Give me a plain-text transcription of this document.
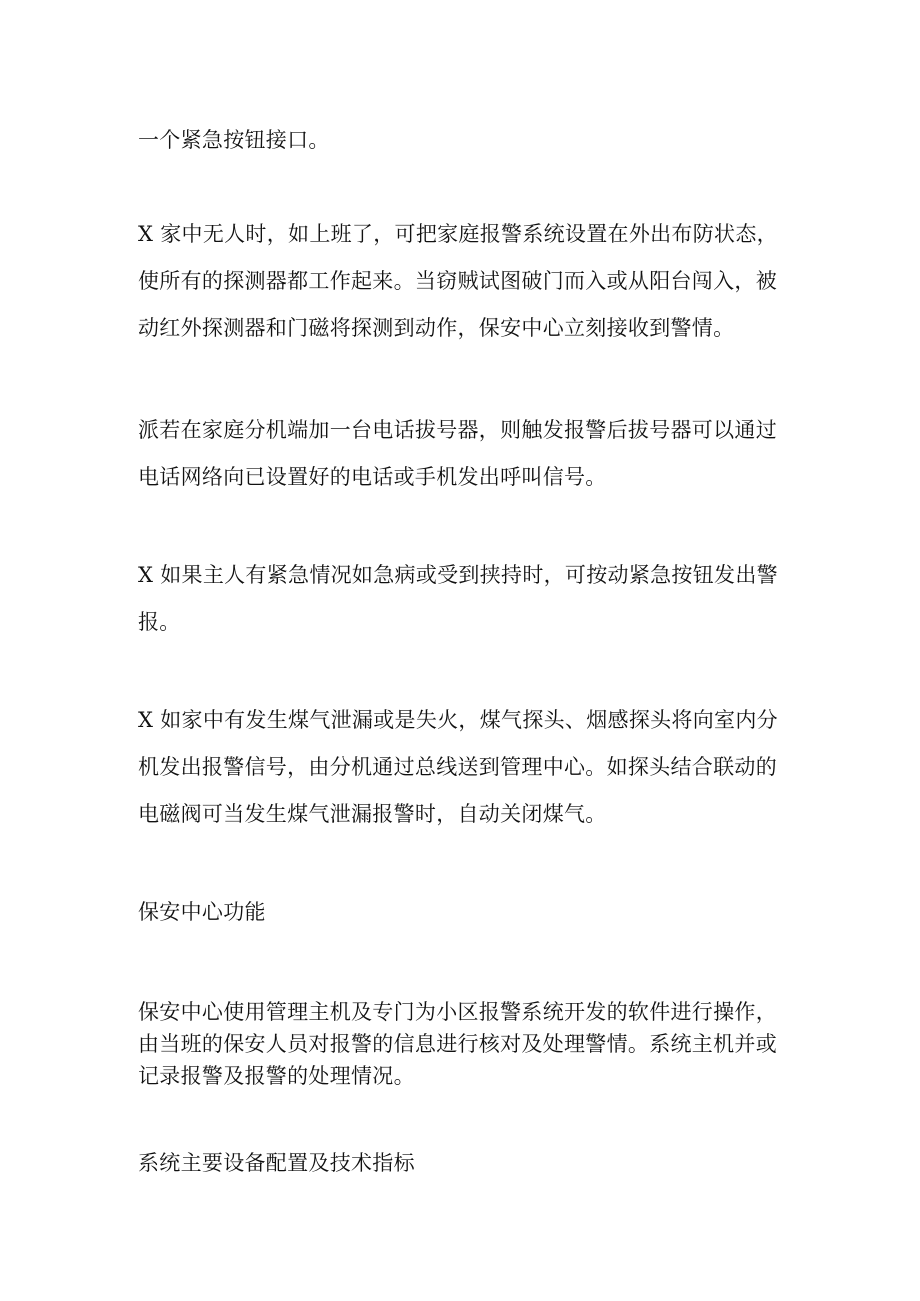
一个紧急按钮接口。

X 家中无人时，如上班了，可把家庭报警系统设置在外出布防状态，
使所有的探测器都工作起来。当窃贼试图破门而入或从阳台闯入，被
动红外探测器和门磁将探测到动作，保安中心立刻接收到警情。

派若在家庭分机端加一台电话拔号器，则触发报警后拔号器可以通过
电话网络向已设置好的电话或手机发出呼叫信号。

X 如果主人有紧急情况如急病或受到挟持时，可按动紧急按钮发出警
报。

X 如家中有发生煤气泄漏或是失火，煤气探头、烟感探头将向室内分
机发出报警信号，由分机通过总线送到管理中心。如探头结合联动的
电磁阀可当发生煤气泄漏报警时，自动关闭煤气。

保安中心功能

保安中心使用管理主机及专门为小区报警系统开发的软件进行操作，
由当班的保安人员对报警的信息进行核对及处理警情。系统主机并或
记录报警及报警的处理情况。

系统主要设备配置及技术指标
